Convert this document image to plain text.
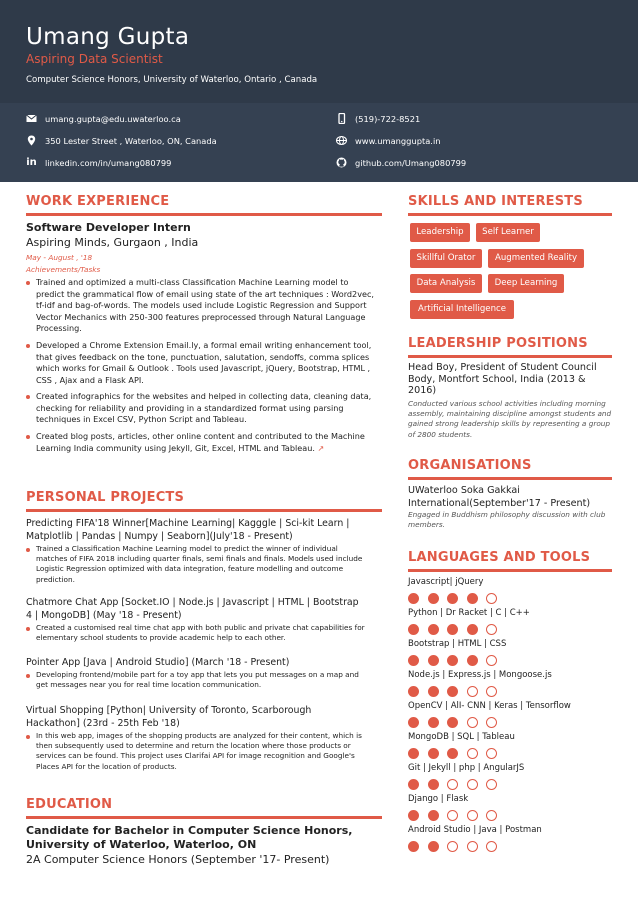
Umang Gupta
Aspiring Data Scientist
Computer Science Honors, University of Waterloo, Ontario , Canada
umang.gupta@edu.uwaterloo.ca	(519)-722-8521
350 Lester Street , Waterloo, ON, Canada	www.umanggupta.in
in linkedin.com/in/umang080799	github.com/Umang080799
WORK EXPERIENCE
Software Developer Intern
Aspiring Minds, Gurgaon , India
May - August , '18
Achievements/Tasks
Trained and optimized a multi-class Classification Machine Learning model to predict the grammatical flow of email using state of the art techniques : Word2vec, tf-idf and bag-of-words. The models used include Logistic Regression and Support Vector Mechanics with 250-300 features preprocessed through Natural Language Processing.
Developed a Chrome Extension Email.ly, a formal email writing enhancement tool, that gives feedback on the tone, punctuation, salutation, sendoffs, comma splices which works for Gmail & Outlook . Tools used Javascript, jQuery, Bootstrap, HTML , CSS , Ajax and a Flask API.
Created infographics for the websites and helped in collecting data, cleaning data, checking for reliability and providing in a standardized format using parsing techniques in Excel CSV, Python Script and Tableau.
Created blog posts, articles, other online content and contributed to the Machine Learning India community using Jekyll, Git, Excel, HTML and Tableau. ↗
PERSONAL PROJECTS
Predicting FIFA'18 Winner[Machine Learning| Kagggle | Sci-kit Learn | Matplotlib | Pandas | Numpy | Seaborn](July'18 - Present)
Trained a Classification Machine Learning model to predict the winner of individual matches of FIFA 2018 including quarter finals, semi finals and finals. Models used include Logistic Regression optimized with data integration, feature modelling and outcome prediction.
Chatmore Chat App [Socket.IO | Node.js | Javascript | HTML | Bootstrap 4 | MongoDB] (May '18 - Present)
Created a customised real time chat app with both public and private chat capabilities for elementary school students to provide academic help to each other.
Pointer App [Java | Android Studio] (March '18 - Present)
Developing frontend/mobile part for a toy app that lets you put messages on a map and get messages near you for real time location communication.
Virtual Shopping [Python| University of Toronto, Scarborough Hackathon] (23rd - 25th Feb '18)
In this web app, images of the shopping products are analyzed for their content, which is then subsequently used to determine and return the location where those products or services can be found. This project uses Clarifai API for image recognition and Google's Places API for the location of products.
EDUCATION
Candidate for Bachelor in Computer Science Honors, University of Waterloo, Waterloo, ON
2A Computer Science Honors (September '17- Present)
SKILLS AND INTERESTS
Leadership	Self Learner
Skillful Orator	Augmented Reality
Data Analysis	Deep Learning
Artificial Intelligence
LEADERSHIP POSITIONS
Head Boy, President of Student Council Body, Montfort School, India (2013 & 2016)
Conducted various school activities including morning assembly, maintaining discipline amongst students and gained strong leadership skills by representing a group of 2800 students.
ORGANISATIONS
UWaterloo Soka Gakkai International(September'17 - Present)
Engaged in Buddhism philosophy discussion with club members.
LANGUAGES AND TOOLS
Javascript| jQuery
Python | Dr Racket | C | C++
Bootstrap | HTML | CSS
Node.js | Express.js | Mongoose.js
OpenCV | AlI- CNN | Keras | Tensorflow
MongoDB | SQL | Tableau
Git | Jekyll | php | AngularJS
Django | Flask
Android Studio | Java | Postman
